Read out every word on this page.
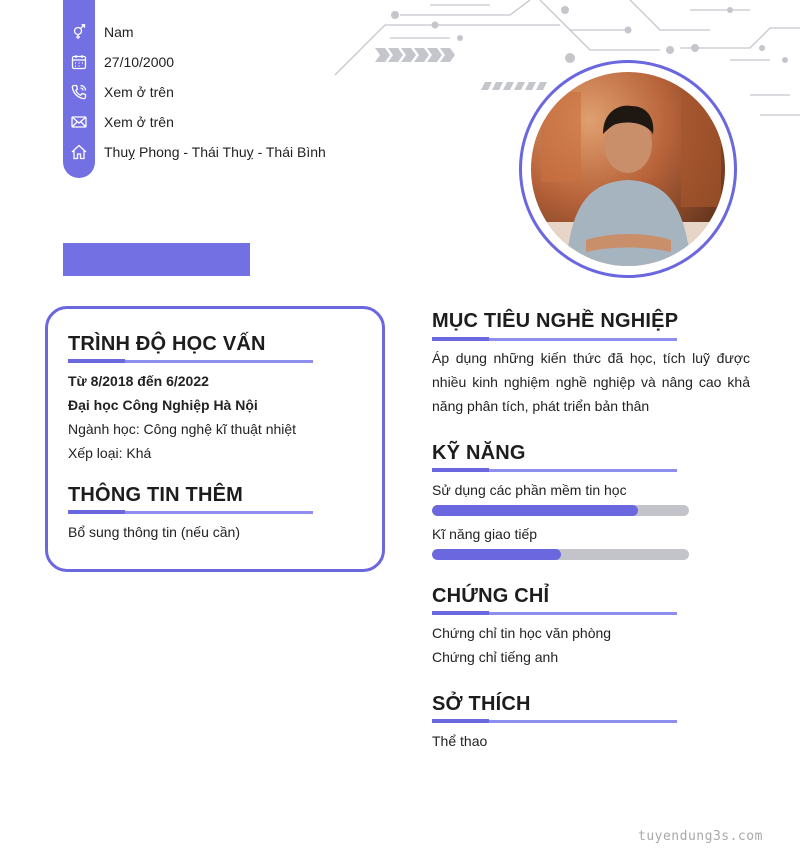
Nam
27/10/2000
Xem ở trên
Xem ở trên
Thuỵ Phong - Thái Thuỵ - Thái Bình
TRÌNH ĐỘ HỌC VẤN
Từ 8/2018 đến 6/2022
Đại học Công Nghiệp Hà Nội
Ngành học: Công nghệ kĩ thuật nhiệt
Xếp loại: Khá
THÔNG TIN THÊM
Bổ sung thông tin (nếu cần)
MỤC TIÊU NGHỀ NGHIỆP
Áp dụng những kiến thức đã học, tích luỹ được nhiều kinh nghiệm nghề nghiệp và nâng cao khả năng phân tích, phát triển bản thân
KỸ NĂNG
Sử dụng các phần mềm tin học
Kĩ năng giao tiếp
CHỨNG CHỈ
Chứng chỉ tin học văn phòng
Chứng chỉ tiếng anh
SỞ THÍCH
Thể thao
tuyendung3s.com
